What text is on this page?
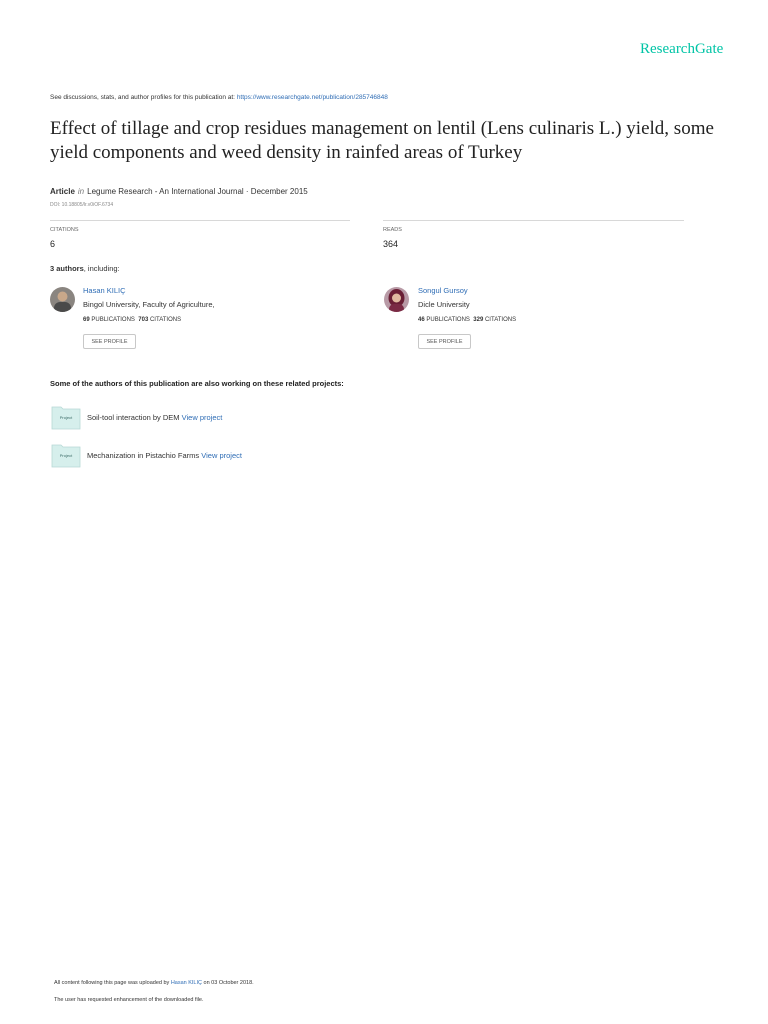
ResearchGate
See discussions, stats, and author profiles for this publication at: https://www.researchgate.net/publication/285746848
Effect of tillage and crop residues management on lentil (Lens culinaris L.) yield, some yield components and weed density in rainfed areas of Turkey
Article in Legume Research - An International Journal · December 2015
DOI: 10.18805/lr.v0iOF.6734
CITATIONS
6
READS
364
3 authors, including:
Hasan KILIÇ
Bingol University, Faculty of Agriculture,
69 PUBLICATIONS 703 CITATIONS
SEE PROFILE
Songul Gursoy
Dicle University
46 PUBLICATIONS 329 CITATIONS
SEE PROFILE
Some of the authors of this publication are also working on these related projects:
Project	Soil-tool interaction by DEM View project
Project	Mechanization in Pistachio Farms View project
All content following this page was uploaded by Hasan KILIÇ on 03 October 2018.
The user has requested enhancement of the downloaded file.
